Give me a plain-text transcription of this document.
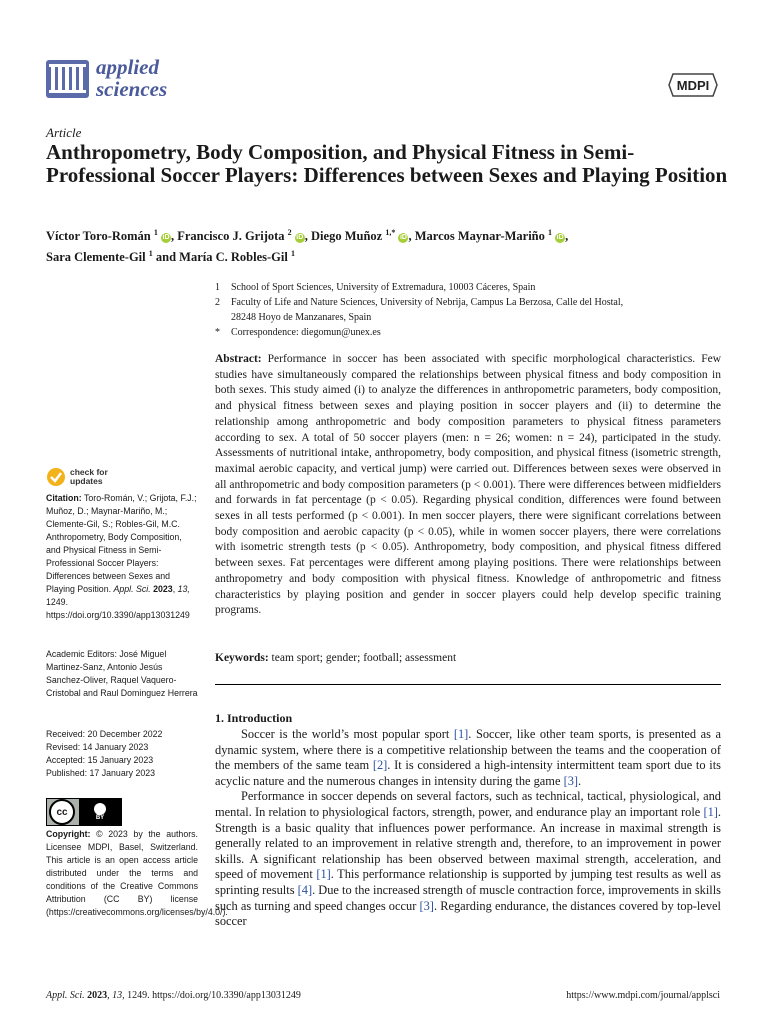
applied
sciences	MDPI
Article
Anthropometry, Body Composition, and Physical Fitness in Semi-Professional Soccer Players: Differences between Sexes and Playing Position
Víctor Toro-Román $^1$ iD , Francisco J. Grijota $^2$ iD , Diego Muñoz $^{1,*}$ iD , Marcos Maynar-Mariño $^1$ iD ,
Sara Clemente-Gil $^1$ and María C. Robles-Gil $^1$
1	School of Sport Sciences, University of Extremadura, 10003 Cáceres, Spain
2	Faculty of Life and Nature Sciences, University of Nebrija, Campus La Berzosa, Calle del Hostal,
28248 Hoyo de Manzanares, Spain
*	Correspondence: diegomun@unex.es
Abstract: Performance in soccer has been associated with specific morphological characteristics. Few studies have simultaneously compared the relationships between physical fitness and body composition in both sexes. This study aimed (i) to analyze the differences in anthropometric parameters, body composition, and physical fitness between sexes and playing position in soccer players and (ii) to determine the relationship among anthropometric and body composition parameters to physical fitness parameters according to sex. A total of 50 soccer players (men: n = 26; women: n = 24), participated in the study. Assessments of nutritional intake, anthropometry, body composition, and physical fitness (isometric strength, maximal aerobic capacity, and vertical jump) were carried out. Differences between sexes were observed in all anthropometric and body composition parameters (p < 0.001). There were differences between midfielders and forwards in fat percentage (p < 0.05). Regarding physical condition, differences were found between sexes in all tests performed (p < 0.001). In men soccer players, there were significant correlations between body composition and aerobic capacity (p < 0.05), while in women soccer players, there were correlations with isometric strength tests (p < 0.05). Anthropometry, body composition, and physical fitness differed between sexes. Fat percentages were different among playing positions. There were relationships between anthropometry and body composition with physical fitness. Knowledge of anthropometric and fitness characteristics by playing position and gender in soccer players could help develop specific training programs.
Keywords: team sport; gender; football; assessment
check for
updates
Citation: Toro-Román, V.; Grijota, F.J.; Muñoz, D.; Maynar-Mariño, M.; Clemente-Gil, S.; Robles-Gil, M.C. Anthropometry, Body Composition, and Physical Fitness in Semi-Professional Soccer Players: Differences between Sexes and Playing Position. Appl. Sci. 2023, 13, 1249. https://doi.org/10.3390/app13031249
Academic Editors: José Miguel Martinez-Sanz, Antonio Jesús Sanchez-Oliver, Raquel Vaquero-Cristobal and Raul Dominguez Herrera
Received: 20 December 2022
Revised: 14 January 2023
Accepted: 15 January 2023
Published: 17 January 2023
cc
BY
Copyright: © 2023 by the authors. Licensee MDPI, Basel, Switzerland. This article is an open access article distributed under the terms and conditions of the Creative Commons Attribution (CC BY) license (https://creativecommons.org/licenses/by/4.0/).
1. Introduction

Soccer is the world’s most popular sport [1]. Soccer, like other team sports, is presented as a dynamic system, where there is a competitive relationship between the teams and the cooperation of the members of the same team [2]. It is considered a high-intensity intermittent team sport due to its acyclic nature and the numerous changes in intensity during the game [3].

Performance in soccer depends on several factors, such as technical, tactical, physiological, and mental. In relation to physiological factors, strength, power, and endurance play an important role [1]. Strength is a basic quality that influences power performance. An increase in maximal strength is generally related to an improvement in relative strength and, therefore, to an improvement in power skills. A significant relationship has been observed between maximal strength, acceleration, and speed of movement [1]. This performance relationship is supported by jumping test results as well as sprinting results [4]. Due to the increased strength of muscle contraction force, improvements in skills such as turning and speed changes occur [3]. Regarding endurance, the distances covered by top-level soccer

Appl. Sci. 2023, 13, 1249. https://doi.org/10.3390/app13031249	https://www.mdpi.com/journal/applsci
